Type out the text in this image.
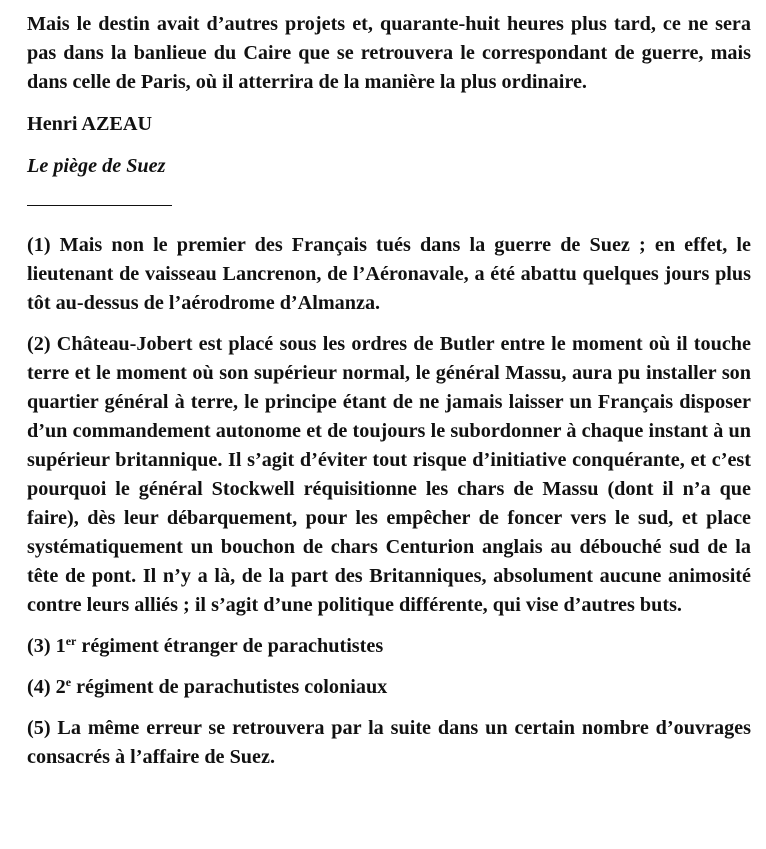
Mais le destin avait d’autres projets et, quarante-huit heures plus tard, ce ne sera pas dans la banlieue du Caire que se retrouvera le correspondant de guerre, mais dans celle de Paris, où il atterrira de la manière la plus ordinaire.

Henri AZEAU

Le piège de Suez

(1) Mais non le premier des Français tués dans la guerre de Suez ; en effet, le lieutenant de vaisseau Lancrenon, de l’Aéronavale, a été abattu quelques jours plus tôt au-dessus de l’aérodrome d’Almanza.

(2) Château-Jobert est placé sous les ordres de Butler entre le moment où il touche terre et le moment où son supérieur normal, le général Massu, aura pu installer son quartier général à terre, le principe étant de ne jamais laisser un Français disposer d’un commandement autonome et de toujours le subordonner à chaque instant à un supérieur britannique. Il s’agit d’éviter tout risque d’initiative conquérante, et c’est pourquoi le général Stockwell réquisitionne les chars de Massu (dont il n’a que faire), dès leur débarquement, pour les empêcher de foncer vers le sud, et place systématiquement un bouchon de chars Centurion anglais au débouché sud de la tête de pont. Il n’y a là, de la part des Britanniques, absolument aucune animosité contre leurs alliés ; il s’agit d’une politique différente, qui vise d’autres buts.

(3) 1er régiment étranger de parachutistes

(4) 2e régiment de parachutistes coloniaux

(5) La même erreur se retrouvera par la suite dans un certain nombre d’ouvrages consacrés à l’affaire de Suez.
